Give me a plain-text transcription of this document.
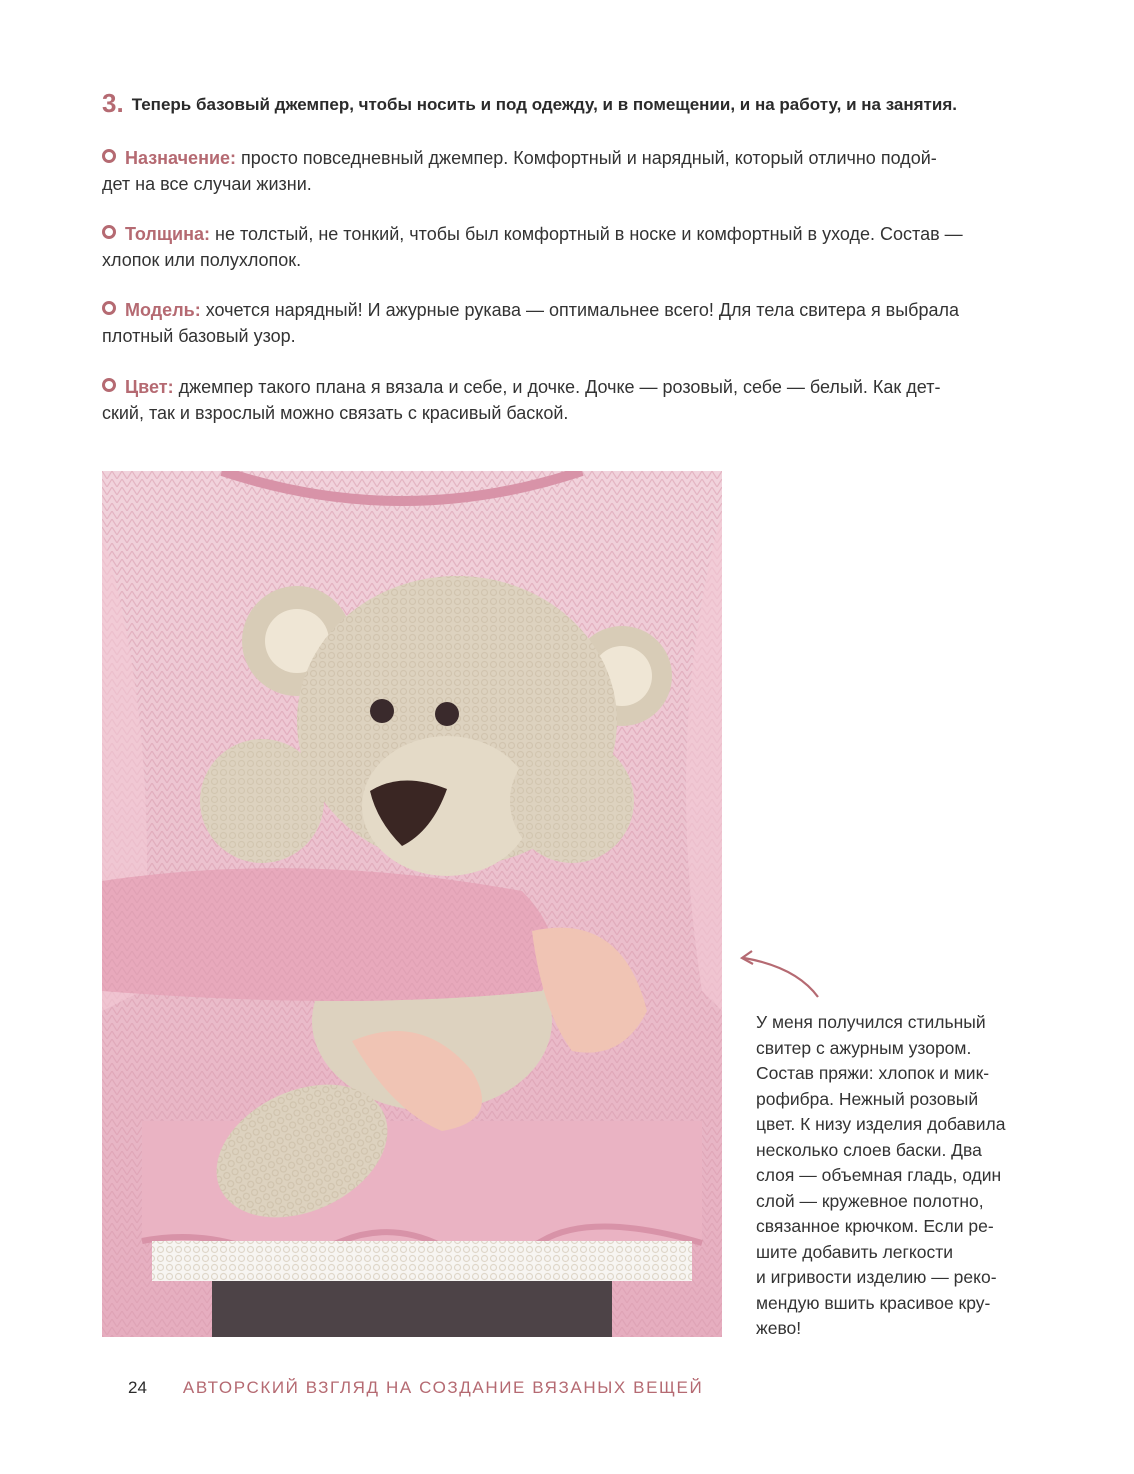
3. Теперь базовый джемпер, чтобы носить и под одежду, и в помещении, и на работу, и на занятия.
Назначение: просто повседневный джемпер. Комфортный и нарядный, который отлично подой-
дет на все случаи жизни.
Толщина: не толстый, не тонкий, чтобы был комфортный в носке и комфортный в уходе. Состав —
хлопок или полухлопок.
Модель: хочется нарядный! И ажурные рукава — оптимальнее всего! Для тела свитера я выбрала
плотный базовый узор.
Цвет: джемпер такого плана я вязала и себе, и дочке. Дочке — розовый, себе — белый. Как дет-
ский, так и взрослый можно связать с красивый баской.
У меня получился стильный
свитер с ажурным узором.
Состав пряжи: хлопок и мик-
рофибра. Нежный розовый
цвет. К низу изделия добавила
несколько слоев баски. Два
слоя — объемная гладь, один
слой — кружевное полотно,
связанное крючком. Если ре-
шите добавить легкости
и игривости изделию — реко-
мендую вшить красивое кру-
жево!
24 АВТОРСКИЙ ВЗГЛЯД НА СОЗДАНИЕ ВЯЗАНЫХ ВЕЩЕЙ
